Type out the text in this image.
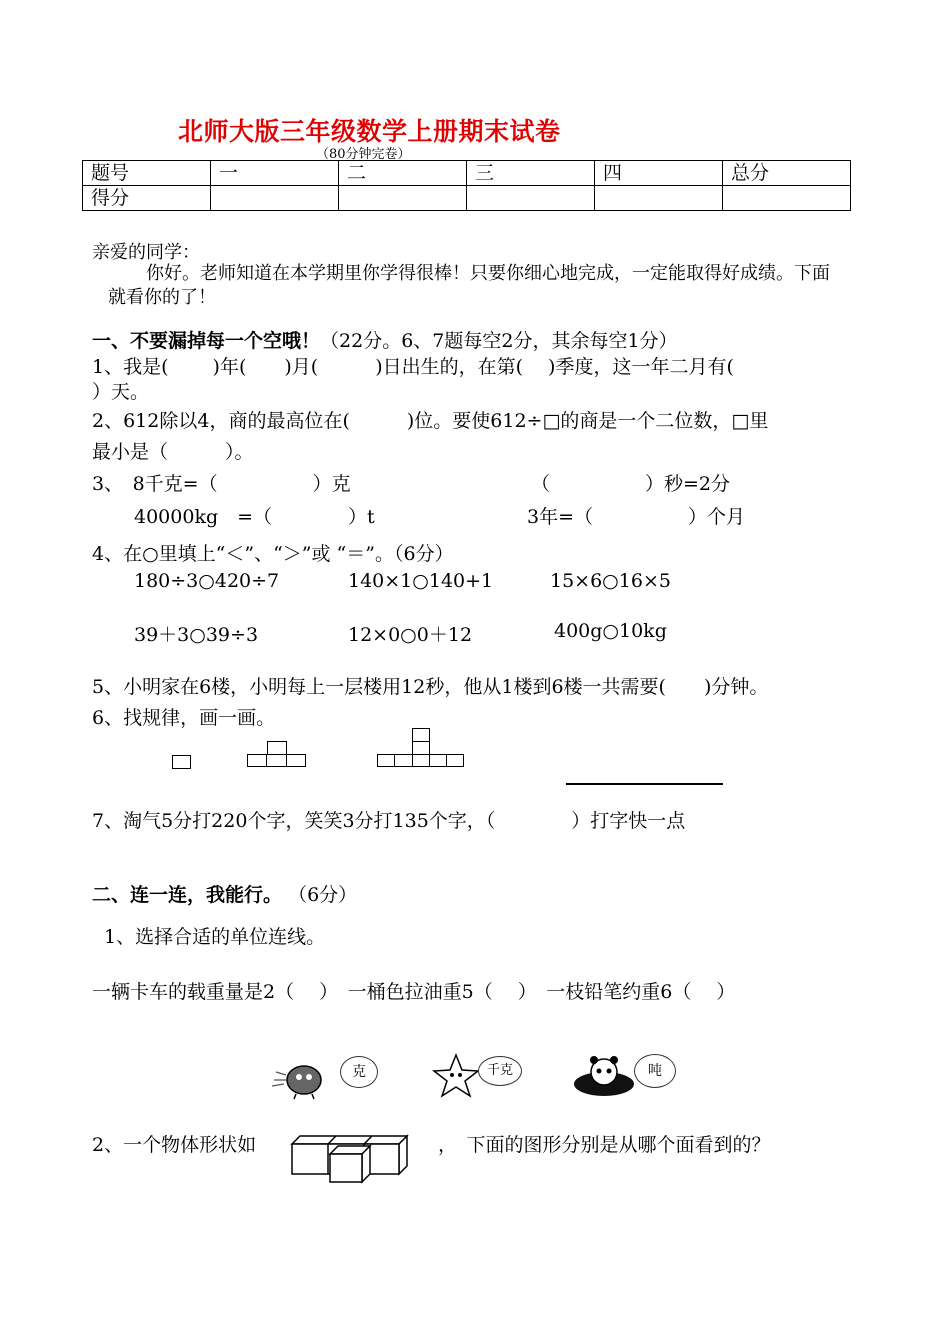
北师大版三年级数学上册期末试卷
（80分钟完卷）
题号	一	二	三	四	总分
得分					
亲爱的同学：
你好。老师知道在本学期里你学得很棒！只要你细心地完成，一定能取得好成绩。下面
就看你的了！
一、不要漏掉每一个空哦！（22分。6、7题每空2分，其余每空1分）
1、我是(　　 )年(　　)月(　　　)日出生的，在第(　 )季度，这一年二月有(
）天。
2、612除以4，商的最高位在(　　　)位。要使612÷□的商是一个二位数，□里
最小是（　　　）。
3、　8千克=（　　　　　）克	（　　　　　）秒=2分
40000kg　=（　　　　）t	3年=（　　　　　）个月
4、在○里填上“＜”、“＞”或 “＝”。（6分）
180÷3○420÷7	140×1○140+1	15×6○16×5
39＋3○39÷3	12×0○0＋12	400g○10kg
5、小明家在6楼，小明每上一层楼用12秒，他从1楼到6楼一共需要(　　)分钟。
6、找规律，画一画。
7、淘气5分打220个字，笑笑3分打135个字，（　　　　）打字快一点
二、连一连，我能行。 （6分）
1、选择合适的单位连线。
一辆卡车的载重量是2（　 ）　一桶色拉油重5（　 ）　一枝铅笔约重6（　 ）
克	千克	吨
2、一个物体形状如	，　下面的图形分别是从哪个面看到的？
